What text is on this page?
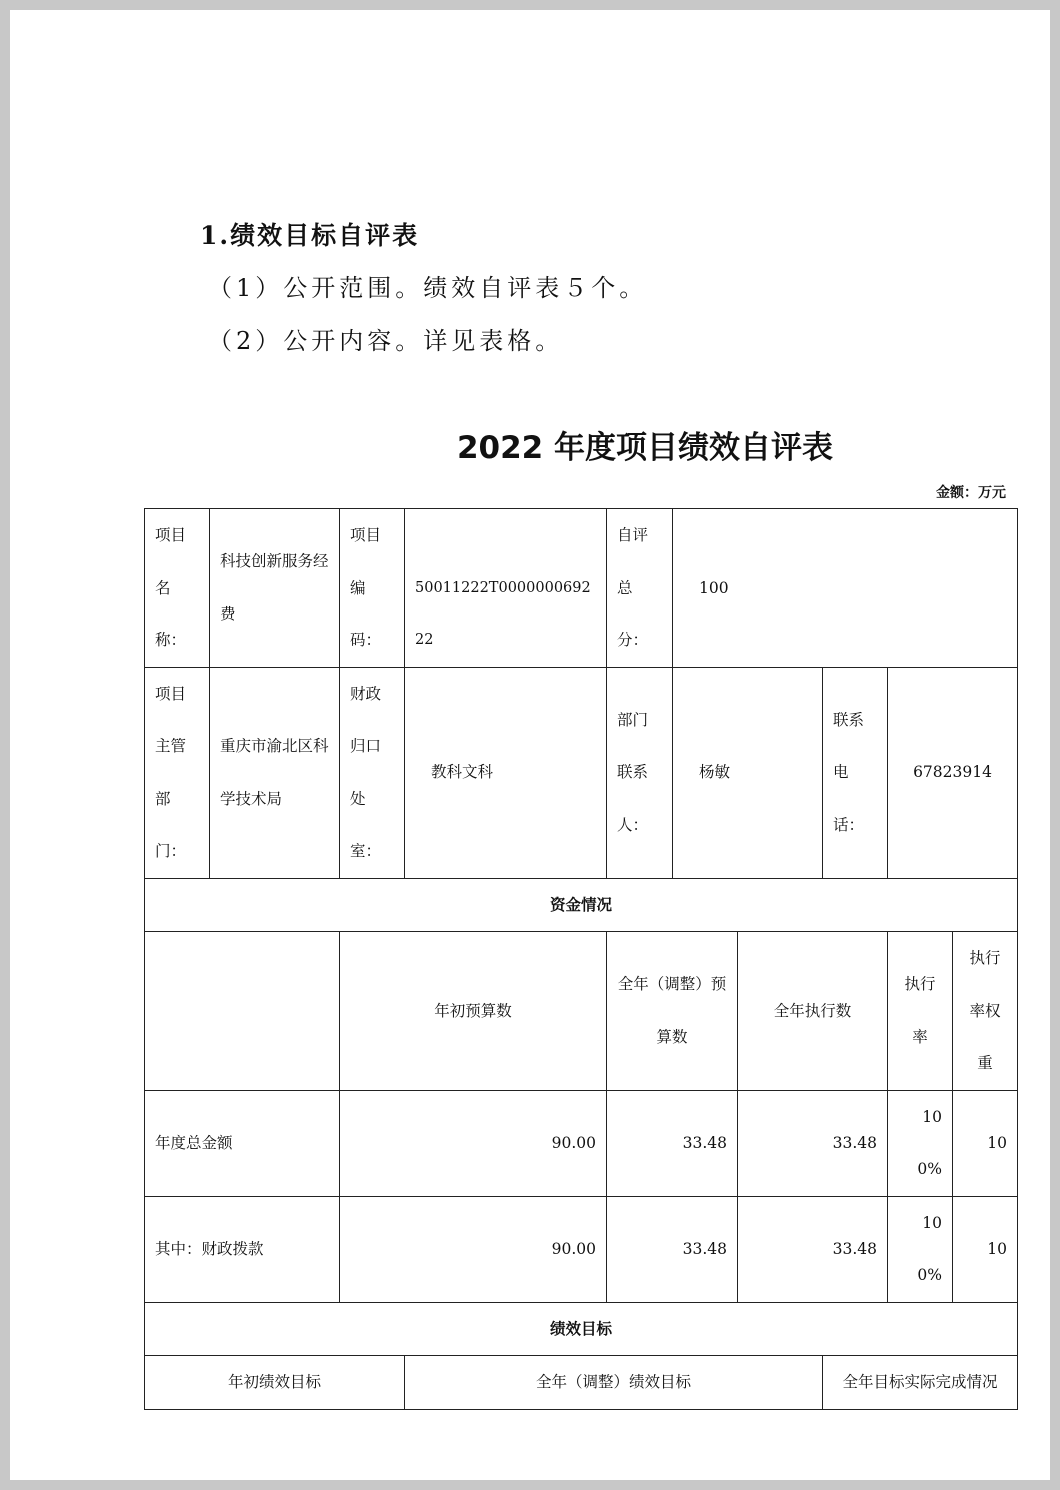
1.绩效目标自评表
（1）公开范围。绩效自评表５个。
（2）公开内容。详见表格。
2022 年度项目绩效自评表
金额：万元
项目名称：	科技创新服务经费	项目编码：	50011222T000000069222	自评总分：	100				
项目主管部门：	重庆市渝北区科学技术局	财政归口处室：	教科文科	部门联系人：	杨敏		联系电话：	67823914	
资金情况									
		年初预算数		全年（调整）预算数		全年执行数		执行率	执行率权重
年度总金额		90.00		33.48		33.48		100%	10
其中：财政拨款		90.00		33.48		33.48		100%	10
绩效目标									
年初绩效目标			全年（调整）绩效目标				全年目标实际完成情况		
